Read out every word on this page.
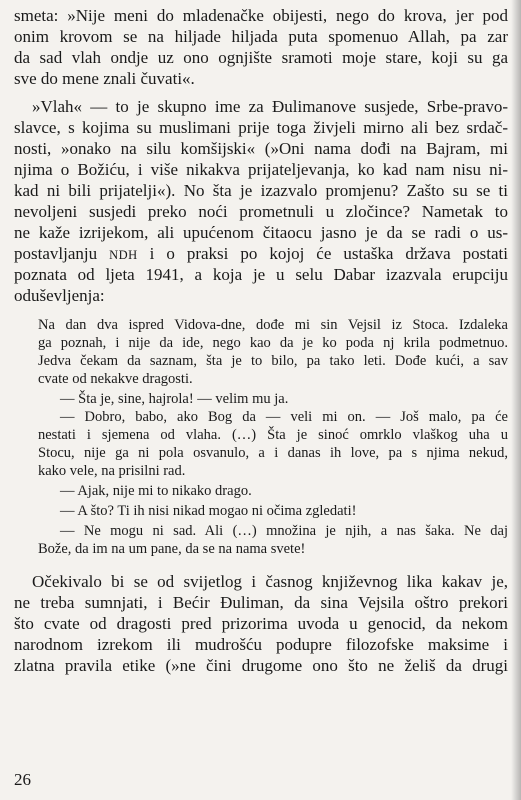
smeta: »Nije meni do mladenačke obijesti, nego do krova, jer pod
onim krovom se na hiljade hiljada puta spomenuo Allah, pa zar
da sad vlah ondje uz ono ognjište sramoti moje stare, koji su ga
sve do mene znali čuvati«.
»Vlah« — to je skupno ime za Đulimanove susjede, Srbe-pravo-
slavce, s kojima su muslimani prije toga živjeli mirno ali bez srdač-
nosti, »onako na silu komšijski« (»Oni nama dođi na Bajram, mi
njima o Božiću, i više nikakva prijateljevanja, ko kad nam nisu ni-
kad ni bili prijatelji«). No šta je izazvalo promjenu? Zašto su se ti
nevoljeni susjedi preko noći prometnuli u zločince? Nametak to
ne kaže izrijekom, ali upućenom čitaocu jasno je da se radi o us-
postavljanju NDH i o praksi po kojoj će ustaška država postati
poznata od ljeta 1941, a koja je u selu Dabar izazvala erupciju
oduševljenja:
Na dan dva ispred Vidova-dne, dođe mi sin Vejsil iz Stoca. Izdaleka
ga poznah, i nije da ide, nego kao da je ko poda nj krila podmetnuo.
Jedva čekam da saznam, šta je to bilo, pa tako leti. Dođe kući, a sav
cvate od nekakve dragosti.
— Šta je, sine, hajrola! — velim mu ja.
— Dobro, babo, ako Bog da — veli mi on. — Još malo, pa će
nestati i sjemena od vlaha. (…) Šta je sinoć omrklo vlaškog uha u
Stocu, nije ga ni pola osvanulo, a i danas ih love, pa s njima nekud,
kako vele, na prisilni rad.
— Ajak, nije mi to nikako drago.
— A što? Ti ih nisi nikad mogao ni očima zgledati!
— Ne mogu ni sad. Ali (…) množina je njih, a nas šaka. Ne daj
Bože, da im na um pane, da se na nama svete!
Očekivalo bi se od svijetlog i časnog književnog lika kakav je,
ne treba sumnjati, i Bećir Đuliman, da sina Vejsila oštro prekori
što cvate od dragosti pred prizorima uvoda u genocid, da nekom
narodnom izrekom ili mudrošću podupre filozofske maksime i
zlatna pravila etike (»ne čini drugome ono što ne želiš da drugi
26
